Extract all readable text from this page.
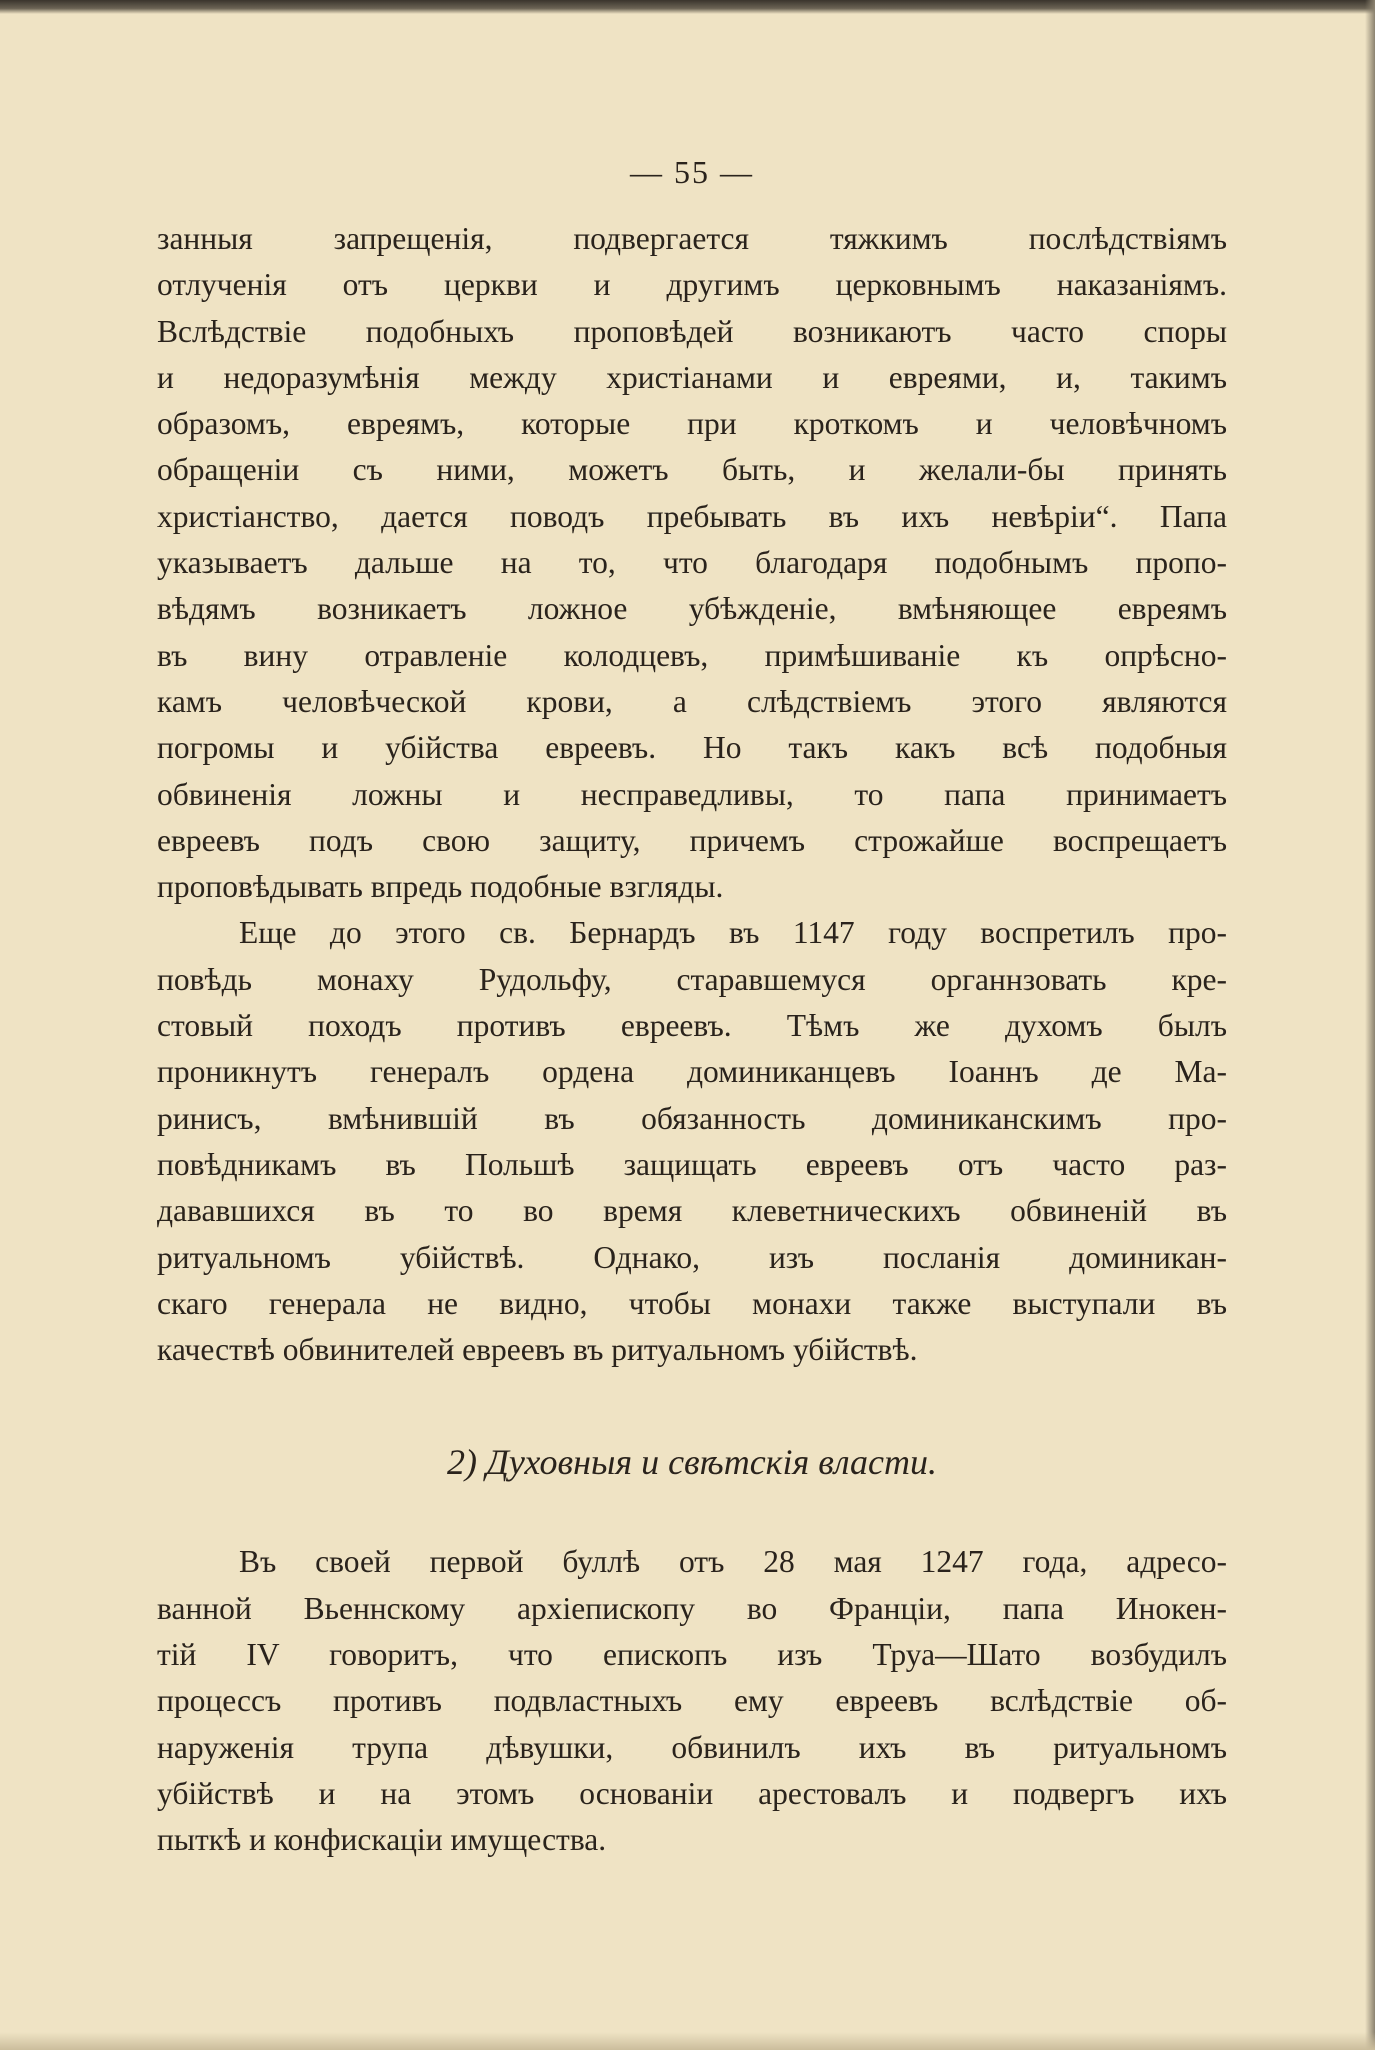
— 55 —
занныя запрещенія, подвергается тяжкимъ послѣдствіямъ
отлученія отъ церкви и другимъ церковнымъ наказаніямъ.
Вслѣдствіе подобныхъ проповѣдей возникаютъ часто споры
и недоразумѣнія между христіанами и евреями, и, такимъ
образомъ, евреямъ, которые при кроткомъ и человѣчномъ
обращеніи съ ними, можетъ быть, и желали-бы принять
христіанство, дается поводъ пребывать въ ихъ невѣріи“. Папа
указываетъ дальше на то, что благодаря подобнымъ пропо-
вѣдямъ возникаетъ ложное убѣжденіе, вмѣняющее евреямъ
въ вину отравленіе колодцевъ, примѣшиваніе къ опрѣсно-
камъ человѣческой крови, а слѣдствіемъ этого являются
погромы и убійства евреевъ. Но такъ какъ всѣ подобныя
обвиненія ложны и несправедливы, то папа принимаетъ
евреевъ подъ свою защиту, причемъ строжайше воспрещаетъ
проповѣдывать впредь подобные взгляды.
Еще до этого св. Бернардъ въ 1147 году воспретилъ про-
повѣдь монаху Рудольфу, старавшемуся органнзовать кре-
стовый походъ противъ евреевъ. Тѣмъ же духомъ былъ
проникнутъ генералъ ордена доминиканцевъ Іоаннъ де Ма-
ринисъ, вмѣнившій въ обязанность доминиканскимъ про-
повѣдникамъ въ Польшѣ защищать евреевъ отъ часто раз-
дававшихся въ то во время клеветническихъ обвиненій въ
ритуальномъ убійствѣ. Однако, изъ посланія доминикан-
скаго генерала не видно, чтобы монахи также выступали въ
качествѣ обвинителей евреевъ въ ритуальномъ убійствѣ.
2) Духовныя и свѣтскія власти.
Въ своей первой буллѣ отъ 28 мая 1247 года, адресо-
ванной Вьеннскому архіепископу во Франціи, папа Инокен-
тій IV говоритъ, что епископъ изъ Труа—Шато возбудилъ
процессъ противъ подвластныхъ ему евреевъ вслѣдствіе об-
наруженія трупа дѣвушки, обвинилъ ихъ въ ритуальномъ
убійствѣ и на этомъ основаніи арестовалъ и подвергъ ихъ
пыткѣ и конфискаціи имущества.
